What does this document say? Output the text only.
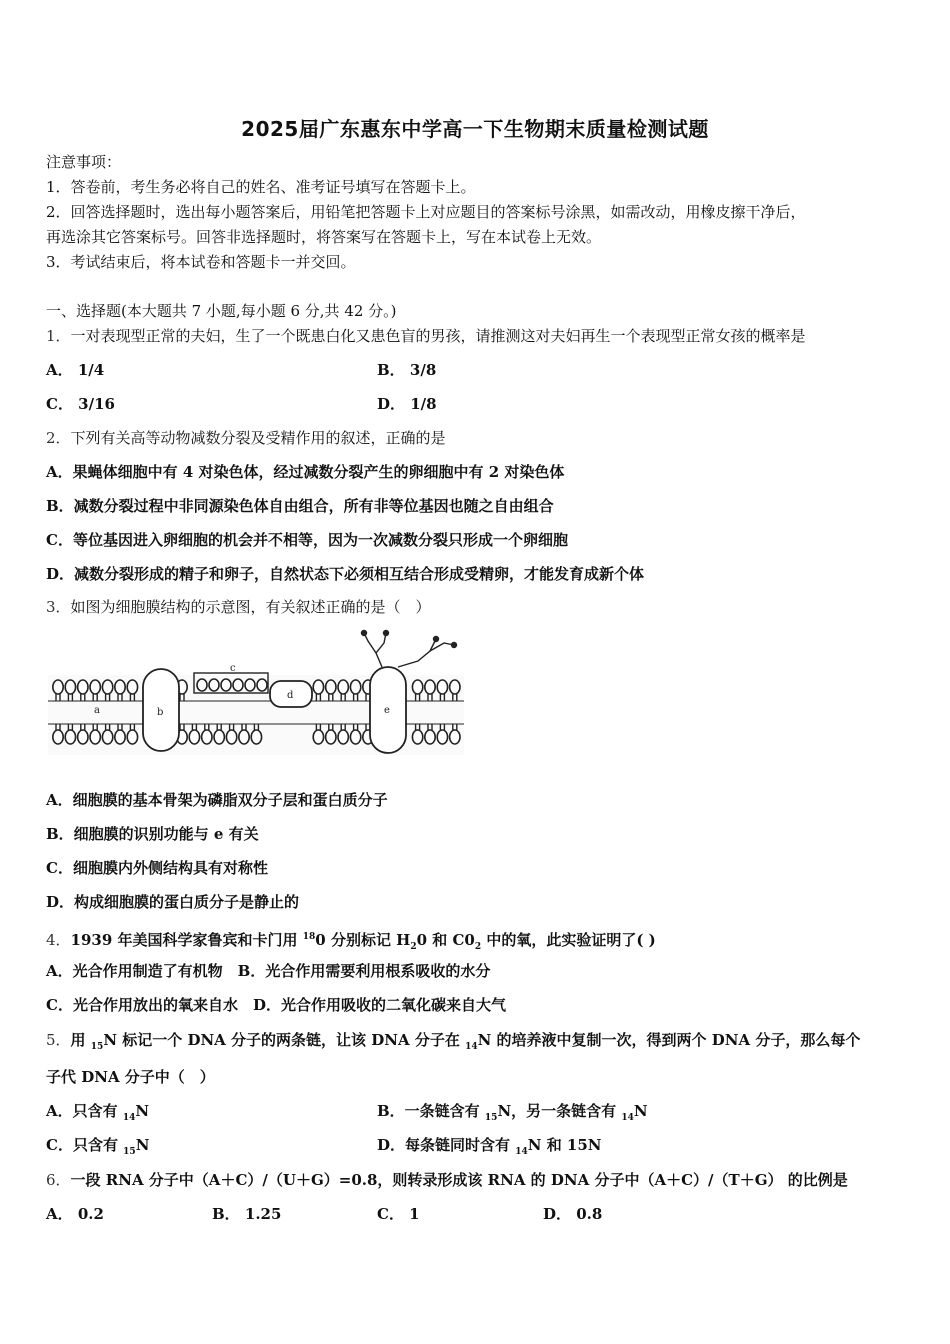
2025届广东惠东中学高一下生物期末质量检测试题
注意事项：
1．答卷前，考生务必将自己的姓名、准考证号填写在答题卡上。
2．回答选择题时，选出每小题答案后，用铅笔把答题卡上对应题目的答案标号涂黑，如需改动，用橡皮擦干净后，
再选涂其它答案标号。回答非选择题时，将答案写在答题卡上，写在本试卷上无效。
3．考试结束后，将本试卷和答题卡一并交回。
一、选择题(本大题共 7 小题,每小题 6 分,共 42 分。)
1．一对表现型正常的夫妇，生了一个既患白化又患色盲的男孩，请推测这对夫妇再生一个表现型正常女孩的概率是
A． 1/4	B． 3/8
C． 3/16	D． 1/8
2．下列有关高等动物减数分裂及受精作用的叙述，正确的是
A．果蝇体细胞中有 4 对染色体，经过减数分裂产生的卵细胞中有 2 对染色体
B．减数分裂过程中非同源染色体自由组合，所有非等位基因也随之自由组合
C．等位基因进入卵细胞的机会并不相等，因为一次减数分裂只形成一个卵细胞
D．减数分裂形成的精子和卵子，自然状态下必须相互结合形成受精卵，才能发育成新个体
3．如图为细胞膜结构的示意图，有关叙述正确的是（　）
a	b
c
d
e
A．细胞膜的基本骨架为磷脂双分子层和蛋白质分子
B．细胞膜的识别功能与 e 有关
C．细胞膜内外侧结构具有对称性
D．构成细胞膜的蛋白质分子是静止的
4．1939 年美国科学家鲁宾和卡门用 $^{18}$0 分别标记 $H_20$ 和 $C0_2$ 中的氧，此实验证明了( )
A．光合作用制造了有机物　B．光合作用需要利用根系吸收的水分
C．光合作用放出的氧来自水　D．光合作用吸收的二氧化碳来自大气
5．用 $_{15}$N 标记一个 DNA 分子的两条链，让该 DNA 分子在 $_{14}$N 的培养液中复制一次，得到两个 DNA 分子，那么每个
子代 DNA 分子中（　）
A．只含有 $_{14}$N	B．一条链含有 $_{15}$N，另一条链含有 $_{14}$N
C．只含有 $_{15}$N	D．每条链同时含有 $_{14}$N 和 15N
6．一段 RNA 分子中（A＋C）/（U＋G）=0.8，则转录形成该 RNA 的 DNA 分子中（A＋C）/（T＋G） 的比例是
A． 0.2	B． 1.25	C． 1	D． 0.8
